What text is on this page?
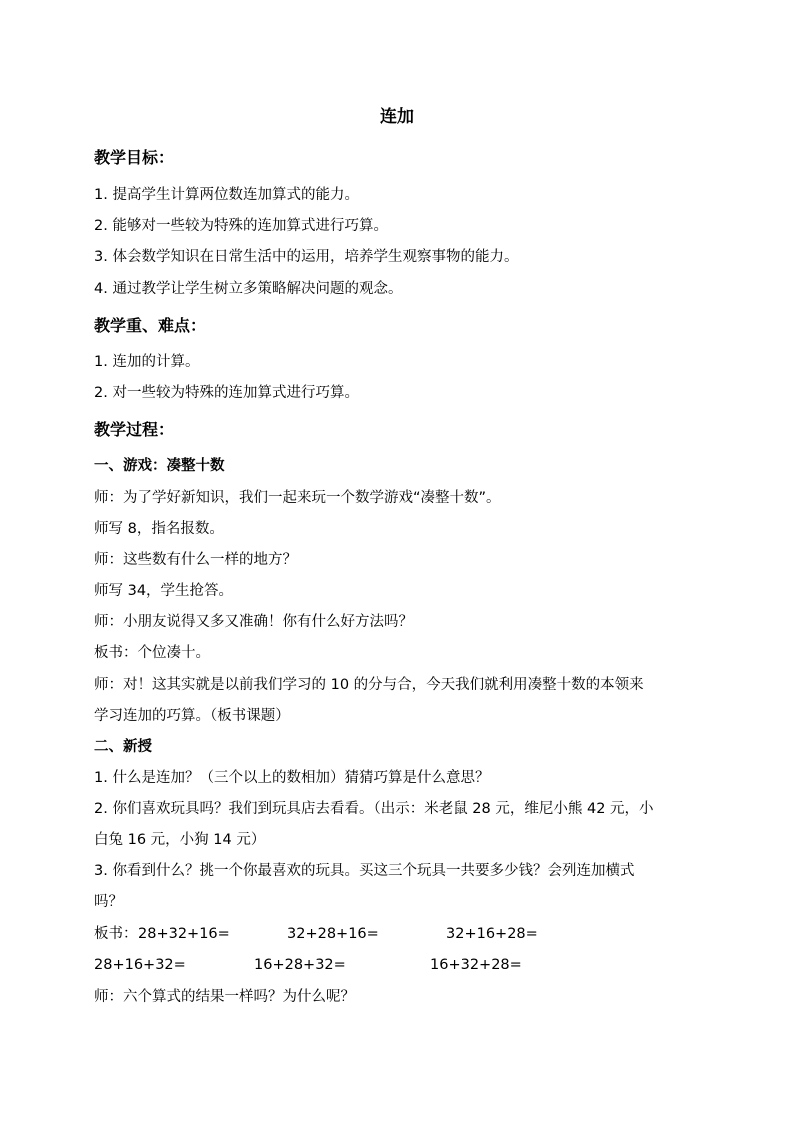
连加
教学目标：
1. 提高学生计算两位数连加算式的能力。
2. 能够对一些较为特殊的连加算式进行巧算。
3. 体会数学知识在日常生活中的运用，培养学生观察事物的能力。
4. 通过教学让学生树立多策略解决问题的观念。
教学重、难点：
1. 连加的计算。
2. 对一些较为特殊的连加算式进行巧算。
教学过程：
一、游戏：凑整十数
师：为了学好新知识，我们一起来玩一个数学游戏“凑整十数”。
师写 8，指名报数。
师：这些数有什么一样的地方？
师写 34，学生抢答。
师：小朋友说得又多又准确！你有什么好方法吗？
板书：个位凑十。
师：对！这其实就是以前我们学习的 10 的分与合，今天我们就利用凑整十数的本领来
学习连加的巧算。（板书课题）
二、新授
1. 什么是连加？（三个以上的数相加）猜猜巧算是什么意思？
2. 你们喜欢玩具吗？我们到玩具店去看看。（出示：米老鼠 28 元，维尼小熊 42 元，小
白兔 16 元，小狗 14 元）
3. 你看到什么？挑一个你最喜欢的玩具。买这三个玩具一共要多少钱？会列连加横式
吗？
板书： 28+32+16=	32+28+16=	32+16+28=
28+16+32=	16+28+32=	16+32+28=
师：六个算式的结果一样吗？为什么呢？
